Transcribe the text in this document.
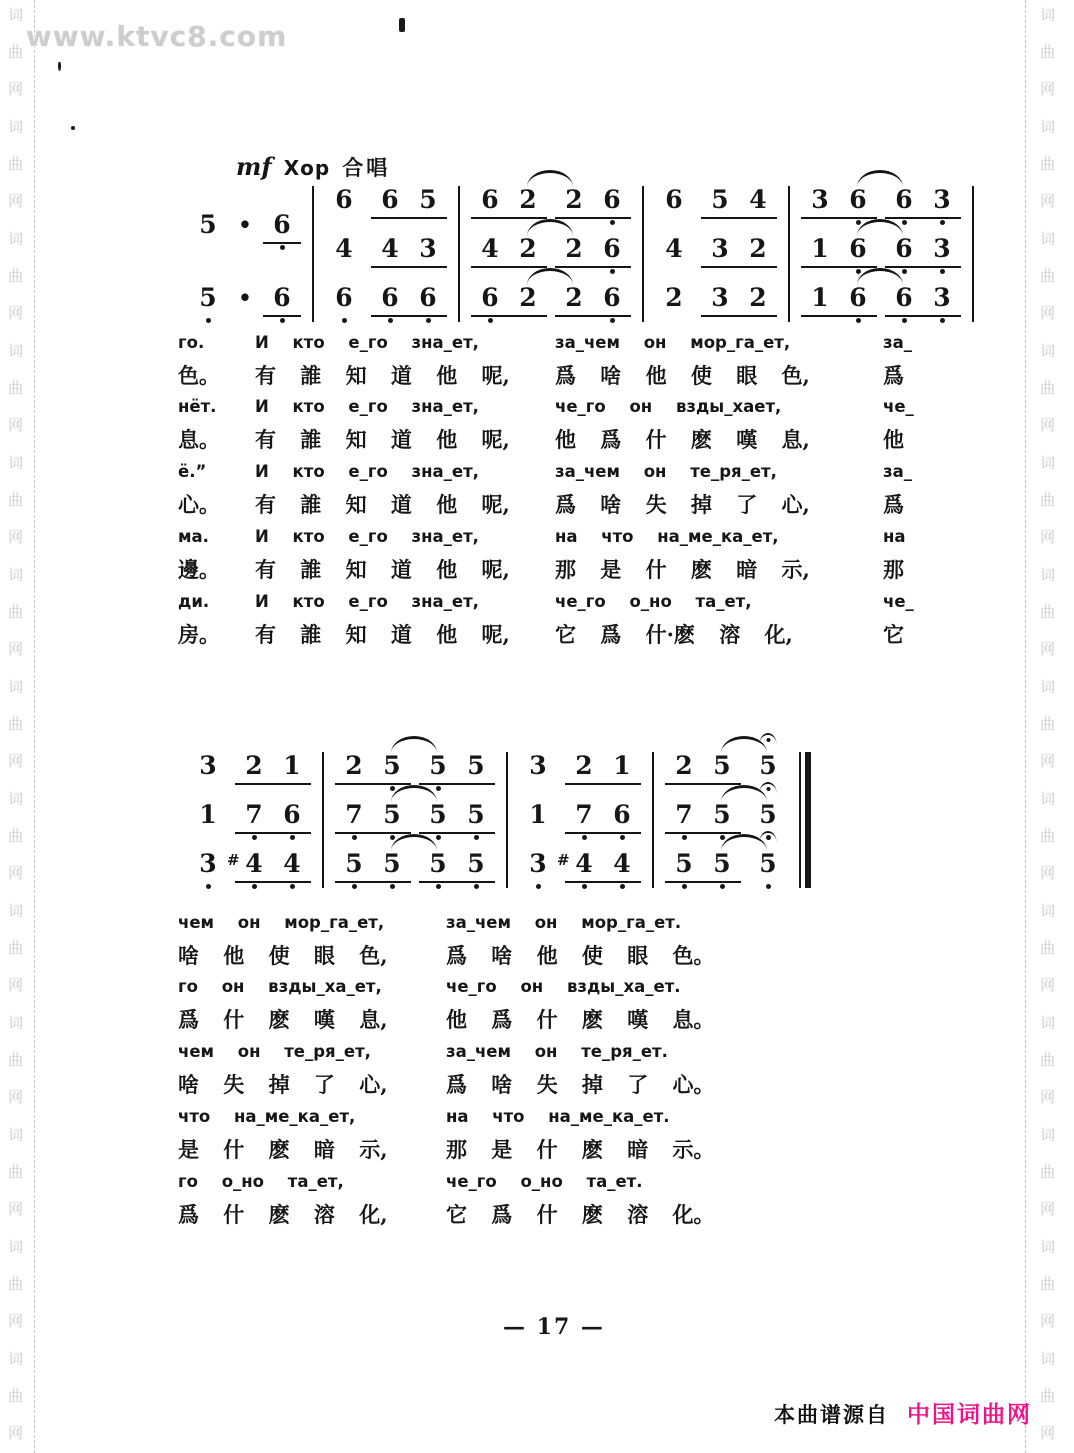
词
曲
网
词
曲
网
词
曲
网
词
曲
网
词
曲
网
词
曲
网
词
曲
网
词
曲
网
词
曲
网
词
曲
网
词
曲
网
词
曲
网
词
曲
网
词
曲
网
词
曲
网
词
曲
网
词
曲
网
词
曲
网
词
曲
网
词
曲
网
词
曲
网
词
曲
网
词
曲
网
词
曲
网
词
曲
网
词
曲
网
www.ktvc8.com
mf Хор 合唱
5	• 6
5	• 6
6	6 5
4	4 3
6	6 6
6 2	2 6
4 2	2 6
6 2	2 6
6	5 4
4	3 2
2	3 2
3 6	6 3
1 6	6 3
1 6	6 3
го.	И кто е_го зна_ет,	за_чем он мор_га_ет,	за_
色。	有 誰 知 道 他 呢,	爲 啥 他 使 眼 色,	爲
нёт.	И кто е_го зна_ет,	че_го он взды_хает,	че_
息。	有 誰 知 道 他 呢,	他 爲 什 麽 嘆 息,	他
ё.”	И кто е_го зна_ет,	за_чем он те_ря_ет,	за_
心。	有 誰 知 道 他 呢,	爲 啥 失 掉 了 心,	爲
ма.	И кто е_го зна_ет,	на что на_ме_ка_ет,	на
邊。	有 誰 知 道 他 呢,	那 是 什 麽 暗 示,	那
ди.	И кто е_го зна_ет,	че_го о_но та_ет,	че_
房。	有 誰 知 道 他 呢,	它 爲 什·麽 溶 化,	它
3	2 1
1	7 6
3 # 4 4
2 5	5 5
7 5	5 5
5 5	5 5
3	2 1
1	7 6
3 # 4 4
2 5	5
7 5	5
5 5	5
чем он мор_га_ет,	за_чем он мор_га_ет.
啥 他 使 眼 色,	爲 啥 他 使 眼 色。
го он взды_ха_ет,	че_го он взды_ха_ет.
爲 什 麽 嘆 息,	他 爲 什 麽 嘆 息。
чем он те_ря_ет,	за_чем он те_ря_ет.
啥 失 掉 了 心,	爲 啥 失 掉 了 心。
что на_ме_ка_ет,	на что на_ме_ка_ет.
是 什 麽 暗 示,	那 是 什 麽 暗 示。
го о_но та_ет,	че_го о_но та_ет.
爲 什 麽 溶 化,	它 爲 什 麽 溶 化。
— 17 —
本曲谱源自 中国词曲网
